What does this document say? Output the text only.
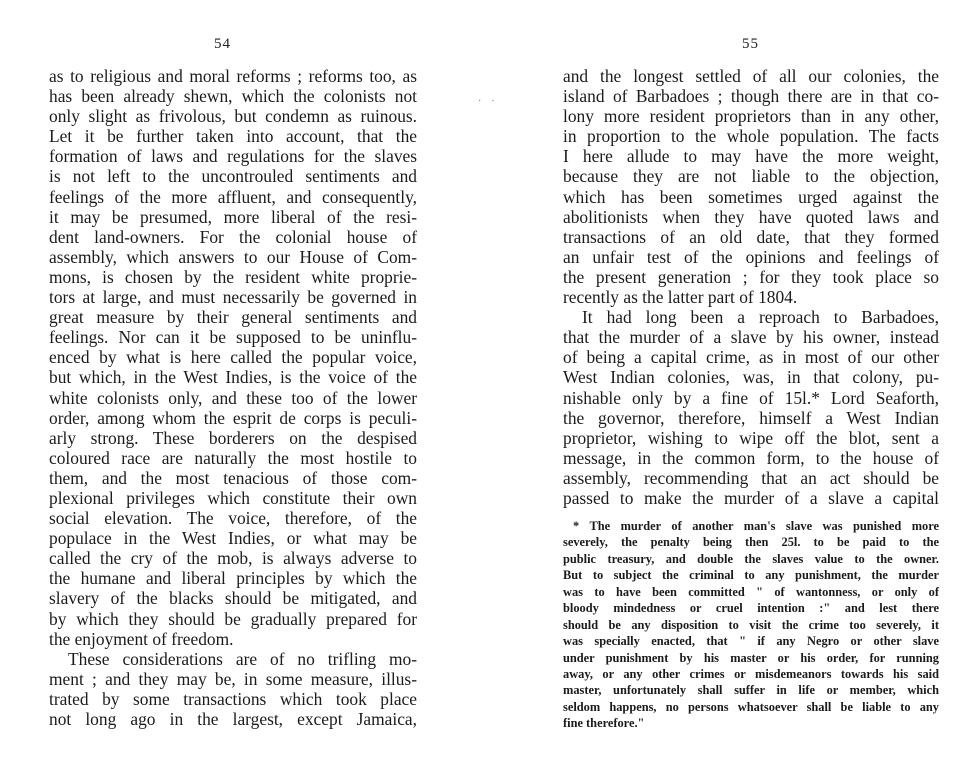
54
as to religious and moral reforms ; reforms too, as
has been already shewn, which the colonists not
only slight as frivolous, but condemn as ruinous.
Let it be further taken into account, that the
formation of laws and regulations for the slaves
is not left to the uncontrouled sentiments and
feelings of the more affluent, and consequently,
it may be presumed, more liberal of the resi-
dent land-owners. For the colonial house of
assembly, which answers to our House of Com-
mons, is chosen by the resident white proprie-
tors at large, and must necessarily be governed in
great measure by their general sentiments and
feelings. Nor can it be supposed to be uninflu-
enced by what is here called the popular voice,
but which, in the West Indies, is the voice of the
white colonists only, and these too of the lower
order, among whom the esprit de corps is peculi-
arly strong. These borderers on the despised
coloured race are naturally the most hostile to
them, and the most tenacious of those com-
plexional privileges which constitute their own
social elevation. The voice, therefore, of the
populace in the West Indies, or what may be
called the cry of the mob, is always adverse to
the humane and liberal principles by which the
slavery of the blacks should be mitigated, and
by which they should be gradually prepared for
the enjoyment of freedom.
These considerations are of no trifling mo-
ment ; and they may be, in some measure, illus-
trated by some transactions which took place
not long ago in the largest, except Jamaica,
··
55
and the longest settled of all our colonies, the
island of Barbadoes ; though there are in that co-
lony more resident proprietors than in any other,
in proportion to the whole population. The facts
I here allude to may have the more weight,
because they are not liable to the objection,
which has been sometimes urged against the
abolitionists when they have quoted laws and
transactions of an old date, that they formed
an unfair test of the opinions and feelings of
the present generation ; for they took place so
recently as the latter part of 1804.
It had long been a reproach to Barbadoes,
that the murder of a slave by his owner, instead
of being a capital crime, as in most of our other
West Indian colonies, was, in that colony, pu-
nishable only by a fine of 15l.* Lord Seaforth,
the governor, therefore, himself a West Indian
proprietor, wishing to wipe off the blot, sent a
message, in the common form, to the house of
assembly, recommending that an act should be
passed to make the murder of a slave a capital
* The murder of another man's slave was punished more
severely, the penalty being then 25l. to be paid to the
public treasury, and double the slaves value to the owner.
But to subject the criminal to any punishment, the murder
was to have been committed " of wantonness, or only of
bloody mindedness or cruel intention :" and lest there
should be any disposition to visit the crime too severely, it
was specially enacted, that " if any Negro or other slave
under punishment by his master or his order, for running
away, or any other crimes or misdemeanors towards his said
master, unfortunately shall suffer in life or member, which
seldom happens, no persons whatsoever shall be liable to any
fine therefore."
